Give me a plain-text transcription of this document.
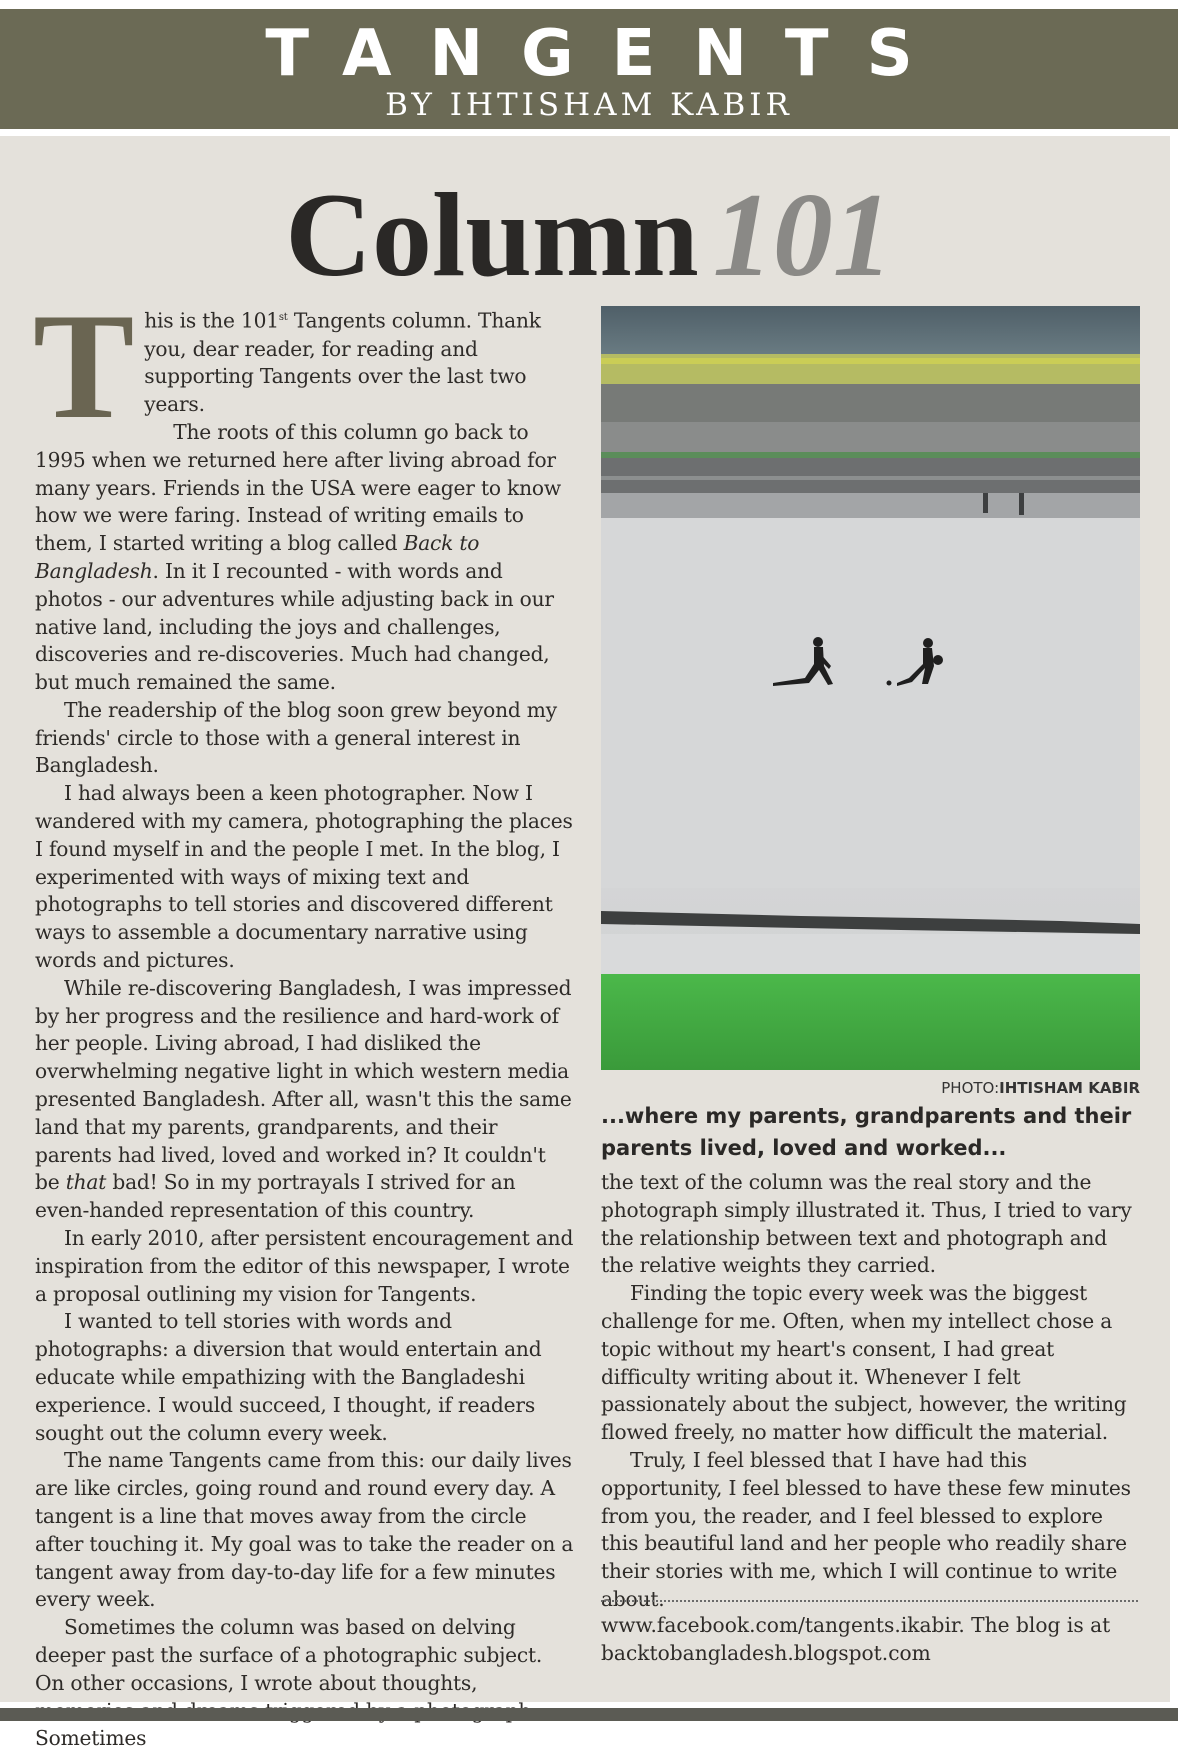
TANGENTS
BY IHTISHAM KABIR
Column 101
T his is the 101st Tangents column. Thank you, dear reader, for reading and supporting Tangents over the last two years.

The roots of this column go back to 1995 when we returned here after living abroad for many years. Friends in the USA were eager to know how we were faring. Instead of writing emails to them, I started writing a blog called Back to Bangladesh. In it I recounted - with words and photos - our adventures while adjusting back in our native land, including the joys and challenges, discoveries and re-discoveries. Much had changed, but much remained the same.

The readership of the blog soon grew beyond my friends' circle to those with a general interest in Bangladesh.

I had always been a keen photographer. Now I wandered with my camera, photographing the places I found myself in and the people I met. In the blog, I experimented with ways of mixing text and photographs to tell stories and discovered different ways to assemble a documentary narrative using words and pictures.

While re-discovering Bangladesh, I was impressed by her progress and the resilience and hard-work of her people. Living abroad, I had disliked the overwhelming negative light in which western media presented Bangladesh. After all, wasn't this the same land that my parents, grandparents, and their parents had lived, loved and worked in? It couldn't be that bad! So in my portrayals I strived for an even-handed representation of this country.

In early 2010, after persistent encouragement and inspiration from the editor of this newspaper, I wrote a proposal outlining my vision for Tangents.

I wanted to tell stories with words and photographs: a diversion that would entertain and educate while empathizing with the Bangladeshi experience. I would succeed, I thought, if readers sought out the column every week.

The name Tangents came from this: our daily lives are like circles, going round and round every day. A tangent is a line that moves away from the circle after touching it. My goal was to take the reader on a tangent away from day-to-day life for a few minutes every week.

Sometimes the column was based on delving deeper past the surface of a photographic subject. On other occasions, I wrote about thoughts, Sometimes

PHOTO:IHTISHAM KABIR
...where my parents, grandparents and their parents lived, loved and worked...

the text of the column was the real story and the photograph simply illustrated it. Thus, I tried to vary the relationship between text and photograph and the relative weights they carried.

Finding the topic every week was the biggest challenge for me. Often, when my intellect chose a topic without my heart's consent, I had great difficulty writing about it. Whenever I felt passionately about the subject, however, the writing flowed freely, no matter how difficult the material.

Truly, I feel blessed that I have had this opportunity, I feel blessed to have these few minutes from you, the reader, and I feel blessed to explore this beautiful land and her people who readily share their stories with me, which I will continue to write about.

www.facebook.com/tangents.ikabir. The blog is at backtobangladesh.blogspot.com
